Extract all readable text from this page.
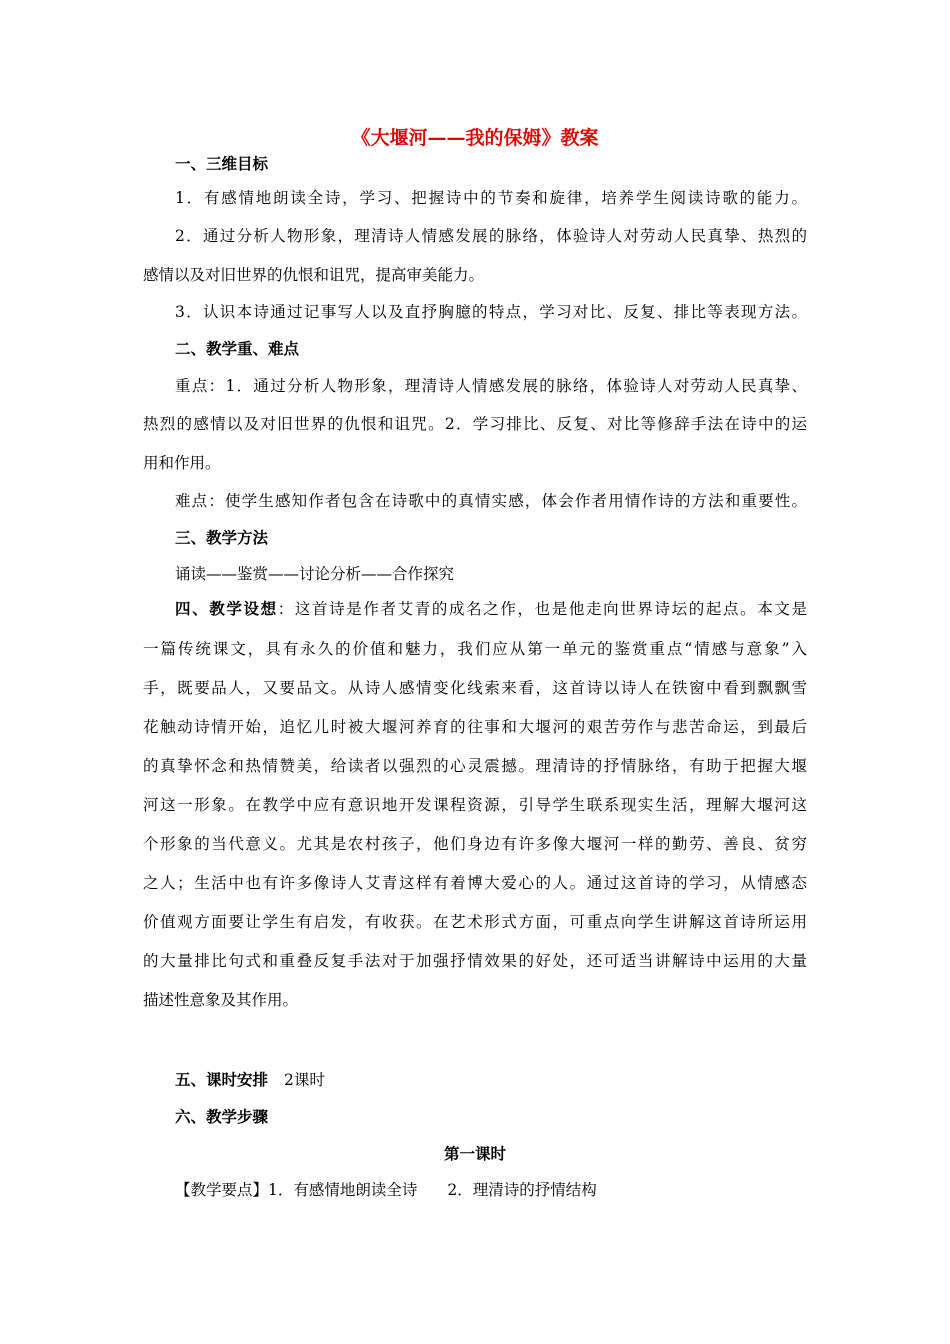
《大堰河——我的保姆》教案
一、三维目标
1．有感情地朗读全诗，学习、把握诗中的节奏和旋律，培养学生阅读诗歌的能力。
2．通过分析人物形象，理清诗人情感发展的脉络，体验诗人对劳动人民真挚、热烈的
感情以及对旧世界的仇恨和诅咒，提高审美能力。
3．认识本诗通过记事写人以及直抒胸臆的特点，学习对比、反复、排比等表现方法。
二、教学重、难点
重点：1．通过分析人物形象，理清诗人情感发展的脉络，体验诗人对劳动人民真挚、
热烈的感情以及对旧世界的仇恨和诅咒。2．学习排比、反复、对比等修辞手法在诗中的运
用和作用。
难点：使学生感知作者包含在诗歌中的真情实感，体会作者用情作诗的方法和重要性。
三、教学方法
诵读——鉴赏——讨论分析——合作探究
四、教学设想：这首诗是作者艾青的成名之作，也是他走向世界诗坛的起点。本文是
一篇传统课文，具有永久的价值和魅力，我们应从第一单元的鉴赏重点“情感与意象”入
手，既要品人，又要品文。从诗人感情变化线索来看，这首诗以诗人在铁窗中看到飘飘雪
花触动诗情开始，追忆儿时被大堰河养育的往事和大堰河的艰苦劳作与悲苦命运，到最后
的真挚怀念和热情赞美，给读者以强烈的心灵震撼。理清诗的抒情脉络，有助于把握大堰
河这一形象。在教学中应有意识地开发课程资源，引导学生联系现实生活，理解大堰河这
个形象的当代意义。尤其是农村孩子，他们身边有许多像大堰河一样的勤劳、善良、贫穷
之人；生活中也有许多像诗人艾青这样有着博大爱心的人。通过这首诗的学习，从情感态
价值观方面要让学生有启发，有收获。在艺术形式方面，可重点向学生讲解这首诗所运用
的大量排比句式和重叠反复手法对于加强抒情效果的好处，还可适当讲解诗中运用的大量
描述性意象及其作用。
五、课时安排 2课时
六、教学步骤
第一课时
【教学要点】1．有感情地朗读全诗 2．理清诗的抒情结构
